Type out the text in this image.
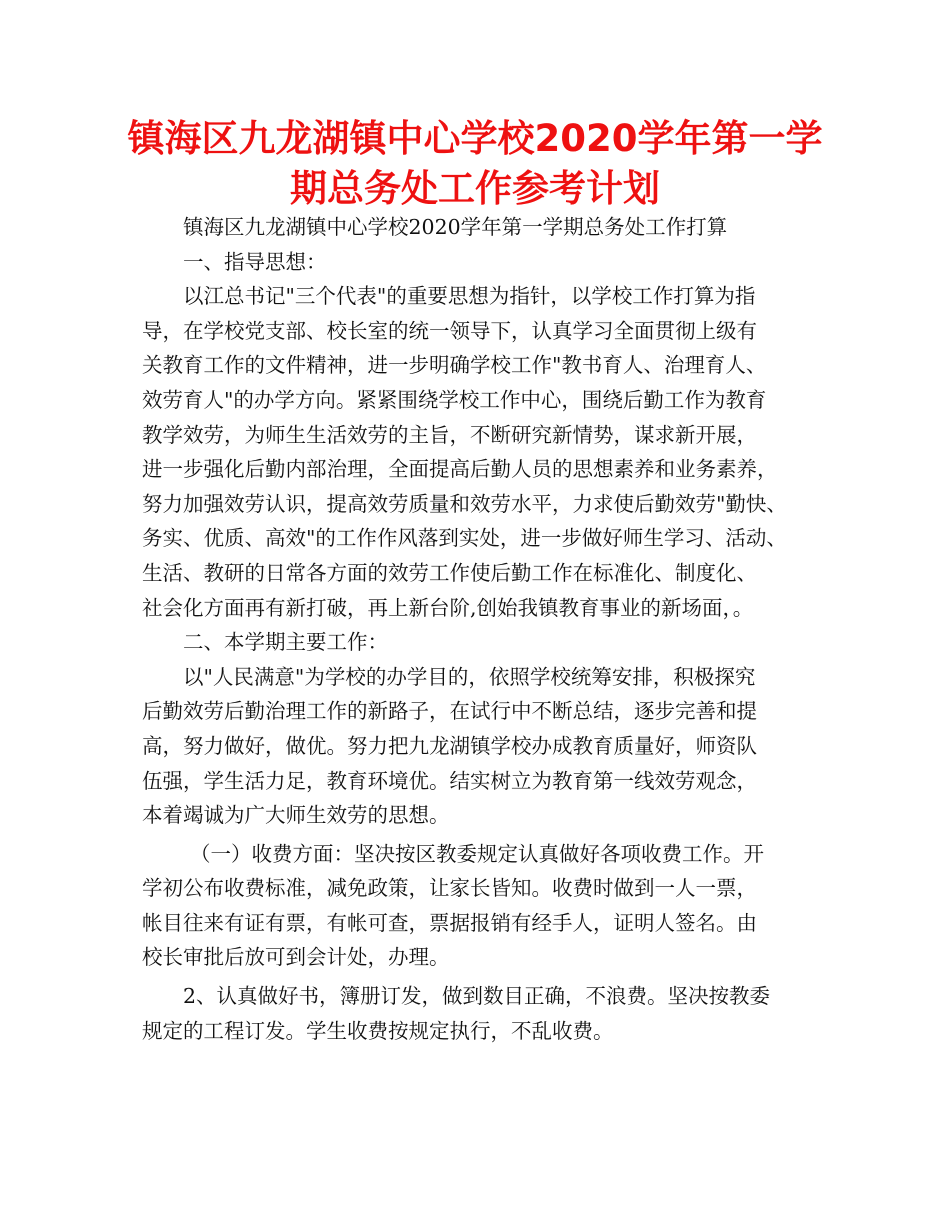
镇海区九龙湖镇中心学校2020学年第一学
期总务处工作参考计划

镇海区九龙湖镇中心学校2020学年第一学期总务处工作打算

一、指导思想：

以江总书记"三个代表"的重要思想为指针，以学校工作打算为指

导，在学校党支部、校长室的统一领导下，认真学习全面贯彻上级有

关教育工作的文件精神，进一步明确学校工作"教书育人、治理育人、

效劳育人"的办学方向。紧紧围绕学校工作中心，围绕后勤工作为教育

教学效劳，为师生生活效劳的主旨，不断研究新情势，谋求新开展，

进一步强化后勤内部治理，全面提高后勤人员的思想素养和业务素养，

努力加强效劳认识，提高效劳质量和效劳水平，力求使后勤效劳"勤快、

务实、优质、高效"的工作作风落到实处，进一步做好师生学习、活动、

生活、教研的日常各方面的效劳工作使后勤工作在标准化、制度化、

社会化方面再有新打破，再上新台阶,创始我镇教育事业的新场面，。

二、本学期主要工作：

以"人民满意"为学校的办学目的，依照学校统筹安排，积极探究

后勤效劳后勤治理工作的新路子，在试行中不断总结，逐步完善和提

高，努力做好，做优。努力把九龙湖镇学校办成教育质量好，师资队

伍强，学生活力足，教育环境优。结实树立为教育第一线效劳观念，

本着竭诚为广大师生效劳的思想。

（一）收费方面：坚决按区教委规定认真做好各项收费工作。开

学初公布收费标准，减免政策，让家长皆知。收费时做到一人一票，

帐目往来有证有票，有帐可查，票据报销有经手人，证明人签名。由

校长审批后放可到会计处，办理。

2、认真做好书，簿册订发，做到数目正确，不浪费。坚决按教委

规定的工程订发。学生收费按规定执行，不乱收费。
